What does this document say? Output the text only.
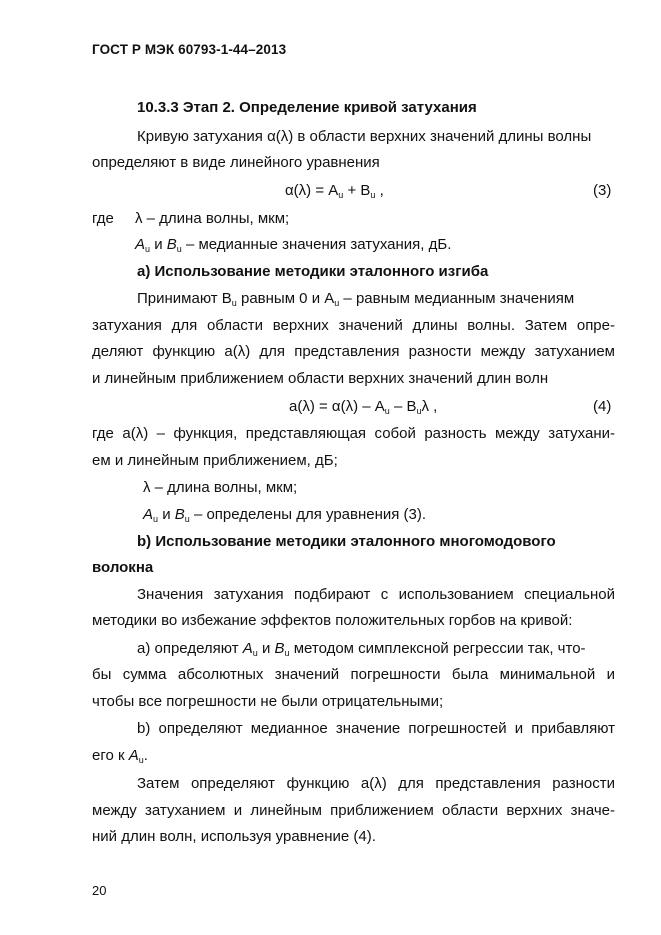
ГОСТ Р МЭК 60793-1-44–2013
10.3.3 Этап 2. Определение кривой затухания
Кривую затухания α(λ) в области верхних значений длины волны
определяют в виде линейного уравнения
$\alpha(\lambda) = A_u + B_u$ ,	(3)
где λ – длина волны, мкм;
$A_u$ и $B_u$ – медианные значения затухания, дБ.
а) Использование методики эталонного изгиба
Принимают $B_u$ равным 0 и $A_u$ – равным медианным значениям
затухания для области верхних значений длины волны. Затем опре-
деляют функцию a(λ) для представления разности между затуханием
и линейным приближением области верхних значений длин волн
$a(\lambda) = \alpha(\lambda) - A_u - B_u\lambda$ ,	(4)
где a(λ) – функция, представляющая собой разность между затухани-
ем и линейным приближением, дБ;
λ – длина волны, мкм;
$A_u$ и $B_u$ – определены для уравнения (3).
b) Использование методики эталонного многомодового
волокна
Значения затухания подбирают с использованием специальной
методики во избежание эффектов положительных горбов на кривой:
а) определяют $A_u$ и $B_u$ методом симплексной регрессии так, что-
бы сумма абсолютных значений погрешности была минимальной и
чтобы все погрешности не были отрицательными;
b) определяют медианное значение погрешностей и прибавляют
его к $A_u$.
Затем определяют функцию a(λ) для представления разности
между затуханием и линейным приближением области верхних значе-
ний длин волн, используя уравнение (4).
20
